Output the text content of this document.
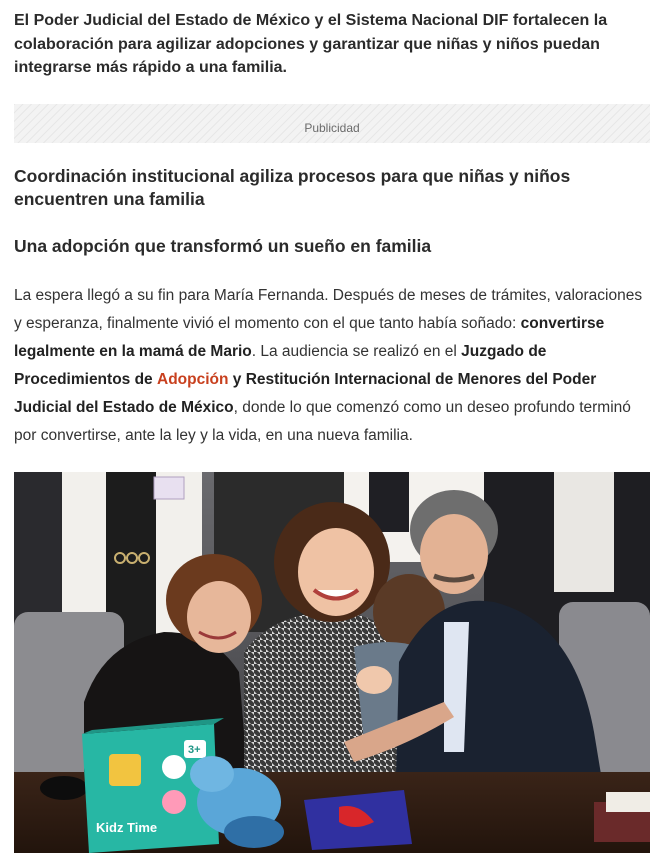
El Poder Judicial del Estado de México y el Sistema Nacional DIF fortalecen la colaboración para agilizar adopciones y garantizar que niñas y niños puedan integrarse más rápido a una familia.

Publicidad
Coordinación institucional agiliza procesos para que niñas y niños encuentren una familia
Una adopción que transformó un sueño en familia

La espera llegó a su fin para María Fernanda. Después de meses de trámites, valoraciones y esperanza, finalmente vivió el momento con el que tanto había soñado: convertirse legalmente en la mamá de Mario. La audiencia se realizó en el Juzgado de Procedimientos de Adopción y Restitución Internacional de Menores del Poder Judicial del Estado de México, donde lo que comenzó como un deseo profundo terminó por convertirse, ante la ley y la vida, en una nueva familia.

3+
Kidz Time
